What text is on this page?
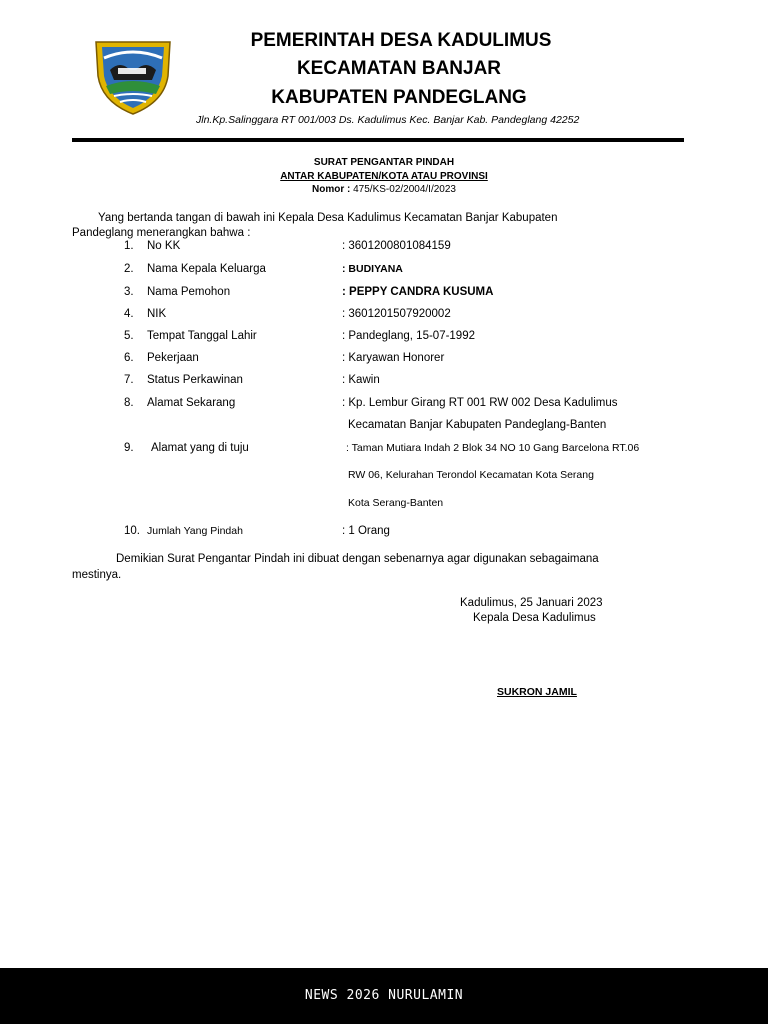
PEMERINTAH DESA KADULIMUS
KECAMATAN BANJAR
KABUPATEN PANDEGLANG
Jln.Kp.Salinggara RT 001/003 Ds. Kadulimus Kec. Banjar Kab. Pandeglang 42252
SURAT PENGANTAR PINDAH
ANTAR KABUPATEN/KOTA ATAU PROVINSI
Nomor : 475/KS-02/2004/I/2023
Yang bertanda tangan di bawah ini Kepala Desa Kadulimus Kecamatan Banjar Kabupaten
Pandeglang menerangkan bahwa :
1. No KK	: 3601200801084159
2. Nama Kepala Keluarga	: BUDIYANA
3. Nama Pemohon	: PEPPY CANDRA KUSUMA
4. NIK	: 3601201507920002
5. Tempat Tanggal Lahir	: Pandeglang, 15-07-1992
6. Pekerjaan	: Karyawan Honorer
7. Status Perkawinan	: Kawin
8. Alamat Sekarang	: Kp. Lembur Girang RT 001 RW 002 Desa Kadulimus
Kecamatan Banjar Kabupaten Pandeglang-Banten
9. Alamat yang di tuju	: Taman Mutiara Indah 2 Blok 34 NO 10 Gang Barcelona RT.06
RW 06, Kelurahan Terondol Kecamatan Kota Serang
Kota Serang-Banten
10. Jumlah Yang Pindah	: 1 Orang
Demikian Surat Pengantar Pindah ini dibuat dengan sebenarnya agar digunakan sebagaimana
mestinya.
Kadulimus, 25 Januari 2023
Kepala Desa Kadulimus
SUKRON JAMIL
NEWS 2026 NURULAMIN
